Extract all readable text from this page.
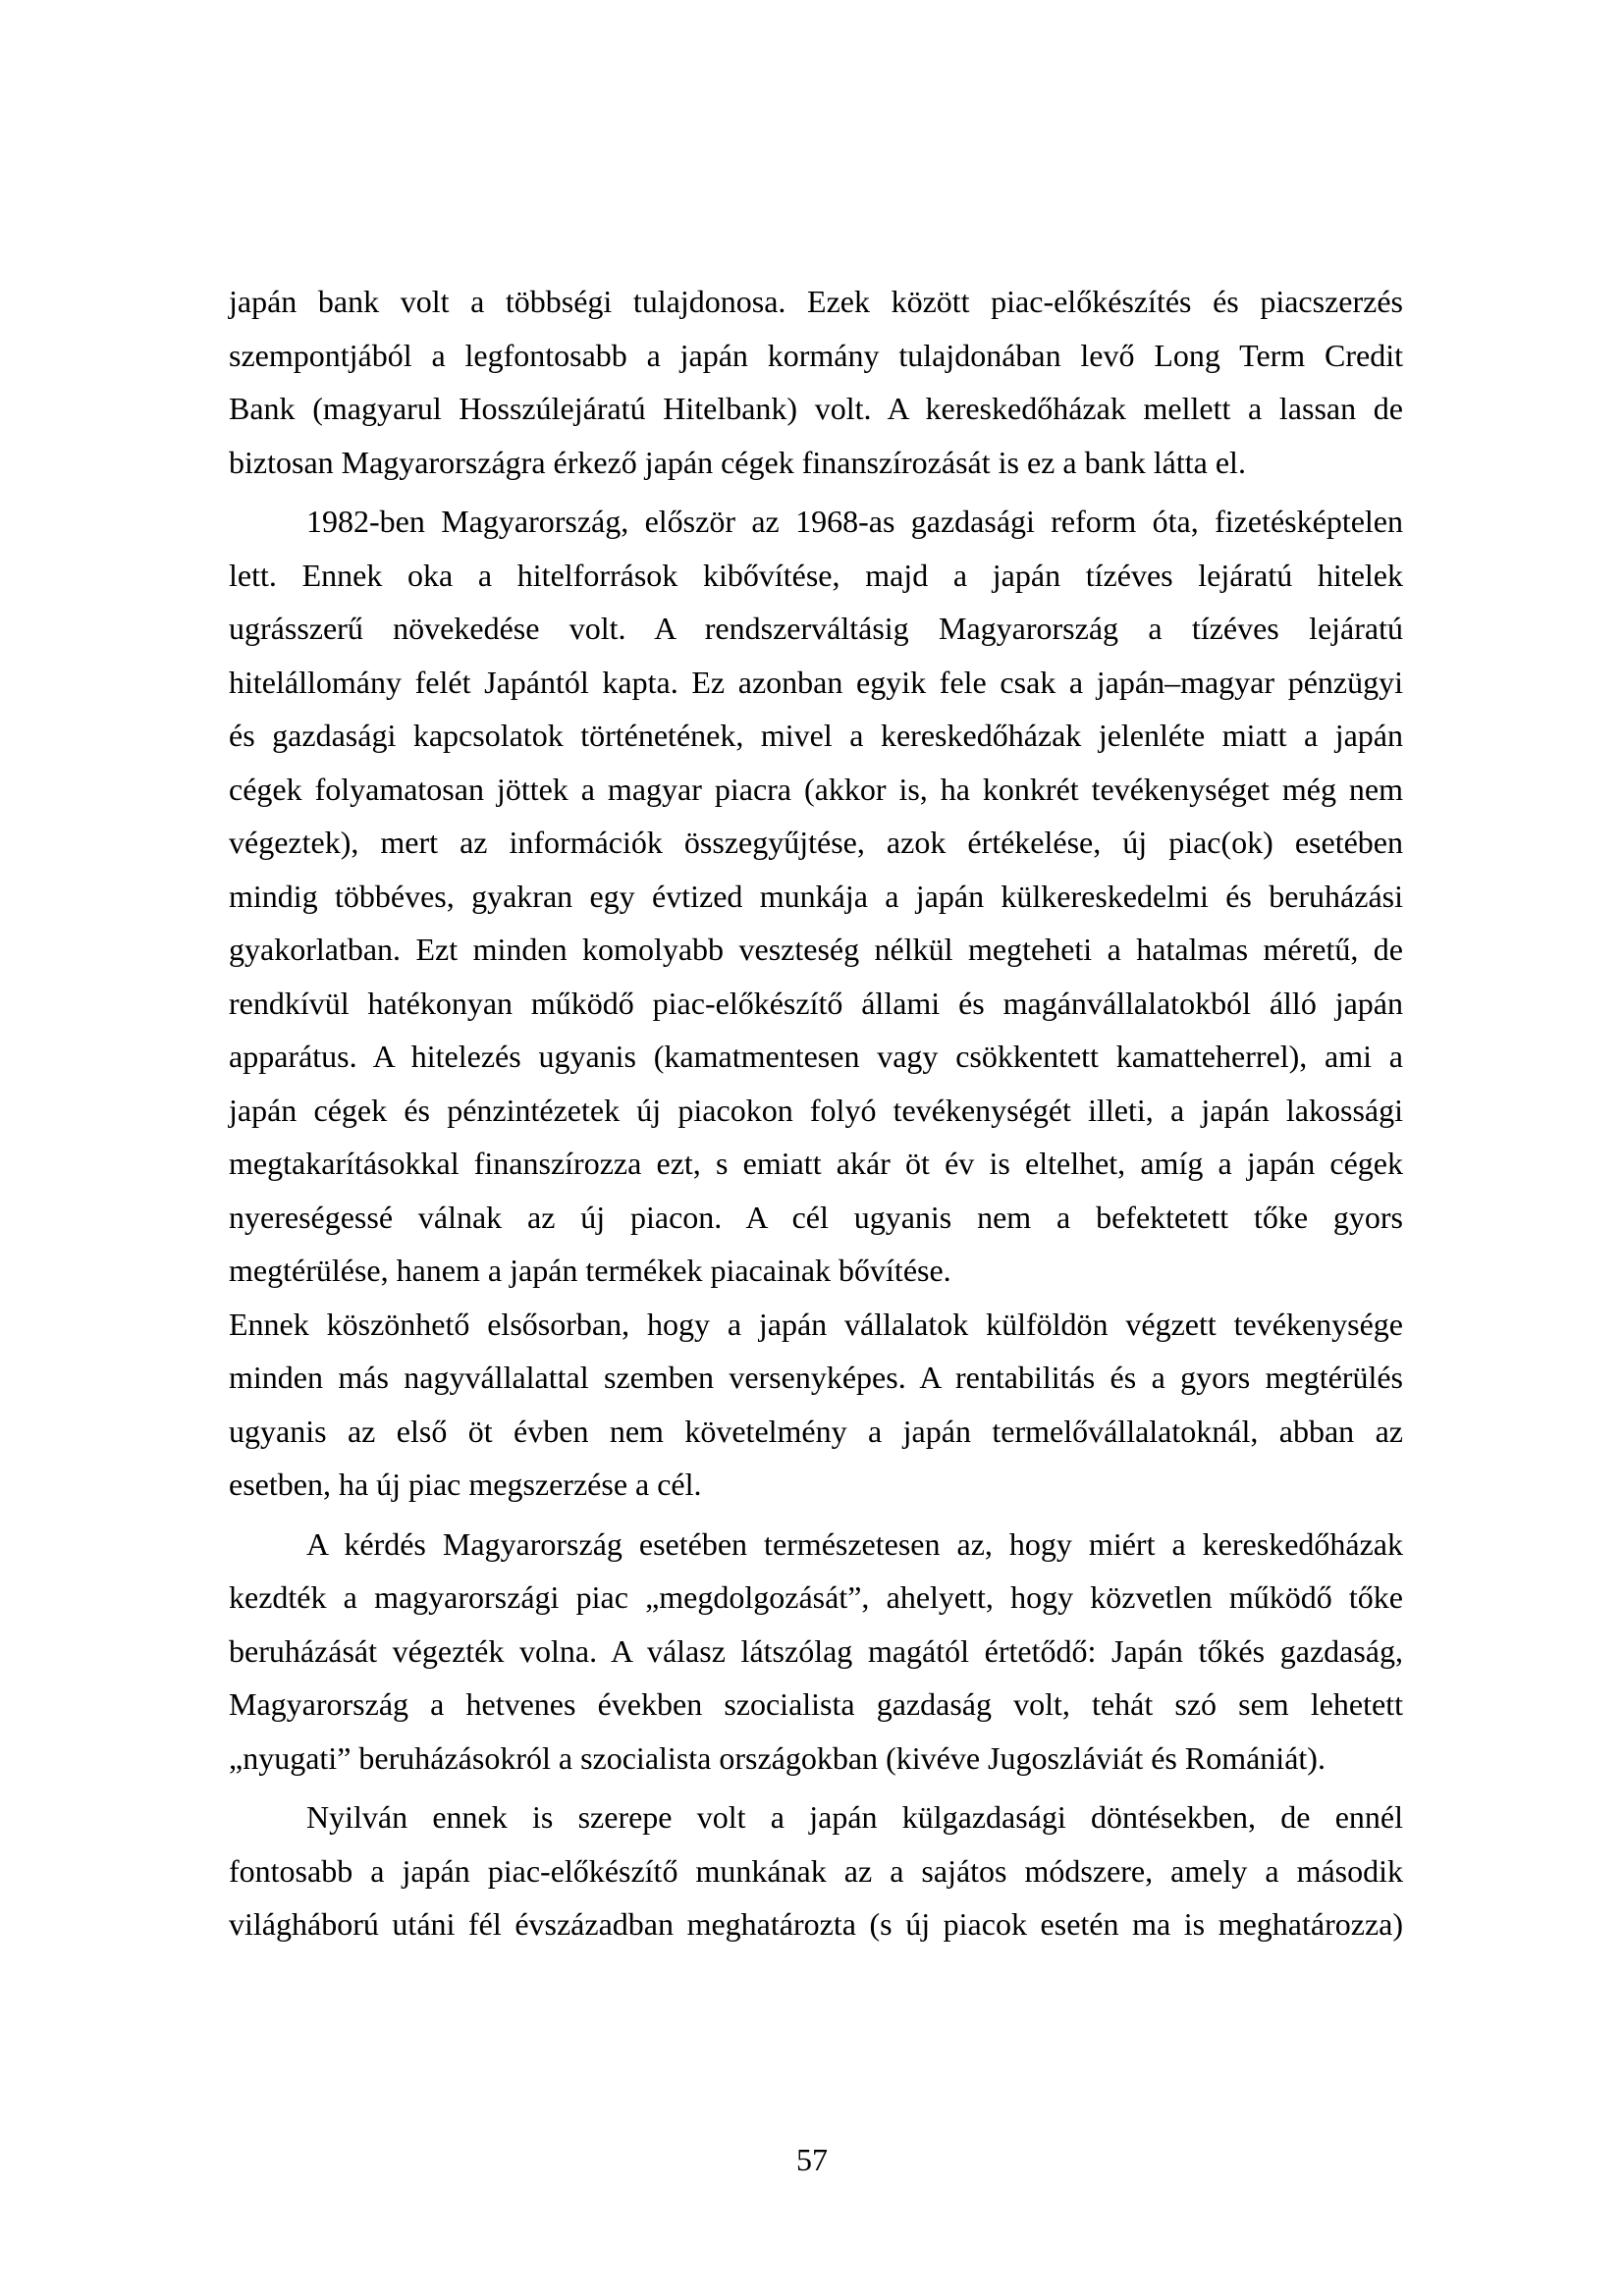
japán bank volt a többségi tulajdonosa. Ezek között piac-előkészítés és piacszerzés
szempontjából a legfontosabb a japán kormány tulajdonában levő Long Term Credit
Bank (magyarul Hosszúlejáratú Hitelbank) volt. A kereskedőházak mellett a lassan de
biztosan Magyarországra érkező japán cégek finanszírozását is ez a bank látta el.
1982-ben Magyarország, először az 1968-as gazdasági reform óta, fizetésképtelen
lett. Ennek oka a hitelforrások kibővítése, majd a japán tízéves lejáratú hitelek
ugrásszerű növekedése volt. A rendszerváltásig Magyarország a tízéves lejáratú
hitelállomány felét Japántól kapta. Ez azonban egyik fele csak a japán–magyar pénzügyi
és gazdasági kapcsolatok történetének, mivel a kereskedőházak jelenléte miatt a japán
cégek folyamatosan jöttek a magyar piacra (akkor is, ha konkrét tevékenységet még nem
végeztek), mert az információk összegyűjtése, azok értékelése, új piac(ok) esetében
mindig többéves, gyakran egy évtized munkája a japán külkereskedelmi és beruházási
gyakorlatban. Ezt minden komolyabb veszteség nélkül megteheti a hatalmas méretű, de
rendkívül hatékonyan működő piac-előkészítő állami és magánvállalatokból álló japán
apparátus. A hitelezés ugyanis (kamatmentesen vagy csökkentett kamatteherrel), ami a
japán cégek és pénzintézetek új piacokon folyó tevékenységét illeti, a japán lakossági
megtakarításokkal finanszírozza ezt, s emiatt akár öt év is eltelhet, amíg a japán cégek
nyereségessé válnak az új piacon. A cél ugyanis nem a befektetett tőke gyors
megtérülése, hanem a japán termékek piacainak bővítése.
Ennek köszönhető elsősorban, hogy a japán vállalatok külföldön végzett tevékenysége
minden más nagyvállalattal szemben versenyképes. A rentabilitás és a gyors megtérülés
ugyanis az első öt évben nem követelmény a japán termelővállalatoknál, abban az
esetben, ha új piac megszerzése a cél.
A kérdés Magyarország esetében természetesen az, hogy miért a kereskedőházak
kezdték a magyarországi piac „megdolgozását”, ahelyett, hogy közvetlen működő tőke
beruházását végezték volna. A válasz látszólag magától értetődő: Japán tőkés gazdaság,
Magyarország a hetvenes években szocialista gazdaság volt, tehát szó sem lehetett
„nyugati” beruházásokról a szocialista országokban (kivéve Jugoszláviát és Romániát).
Nyilván ennek is szerepe volt a japán külgazdasági döntésekben, de ennél
fontosabb a japán piac-előkészítő munkának az a sajátos módszere, amely a második
világháború utáni fél évszázadban meghatározta (s új piacok esetén ma is meghatározza)
57
